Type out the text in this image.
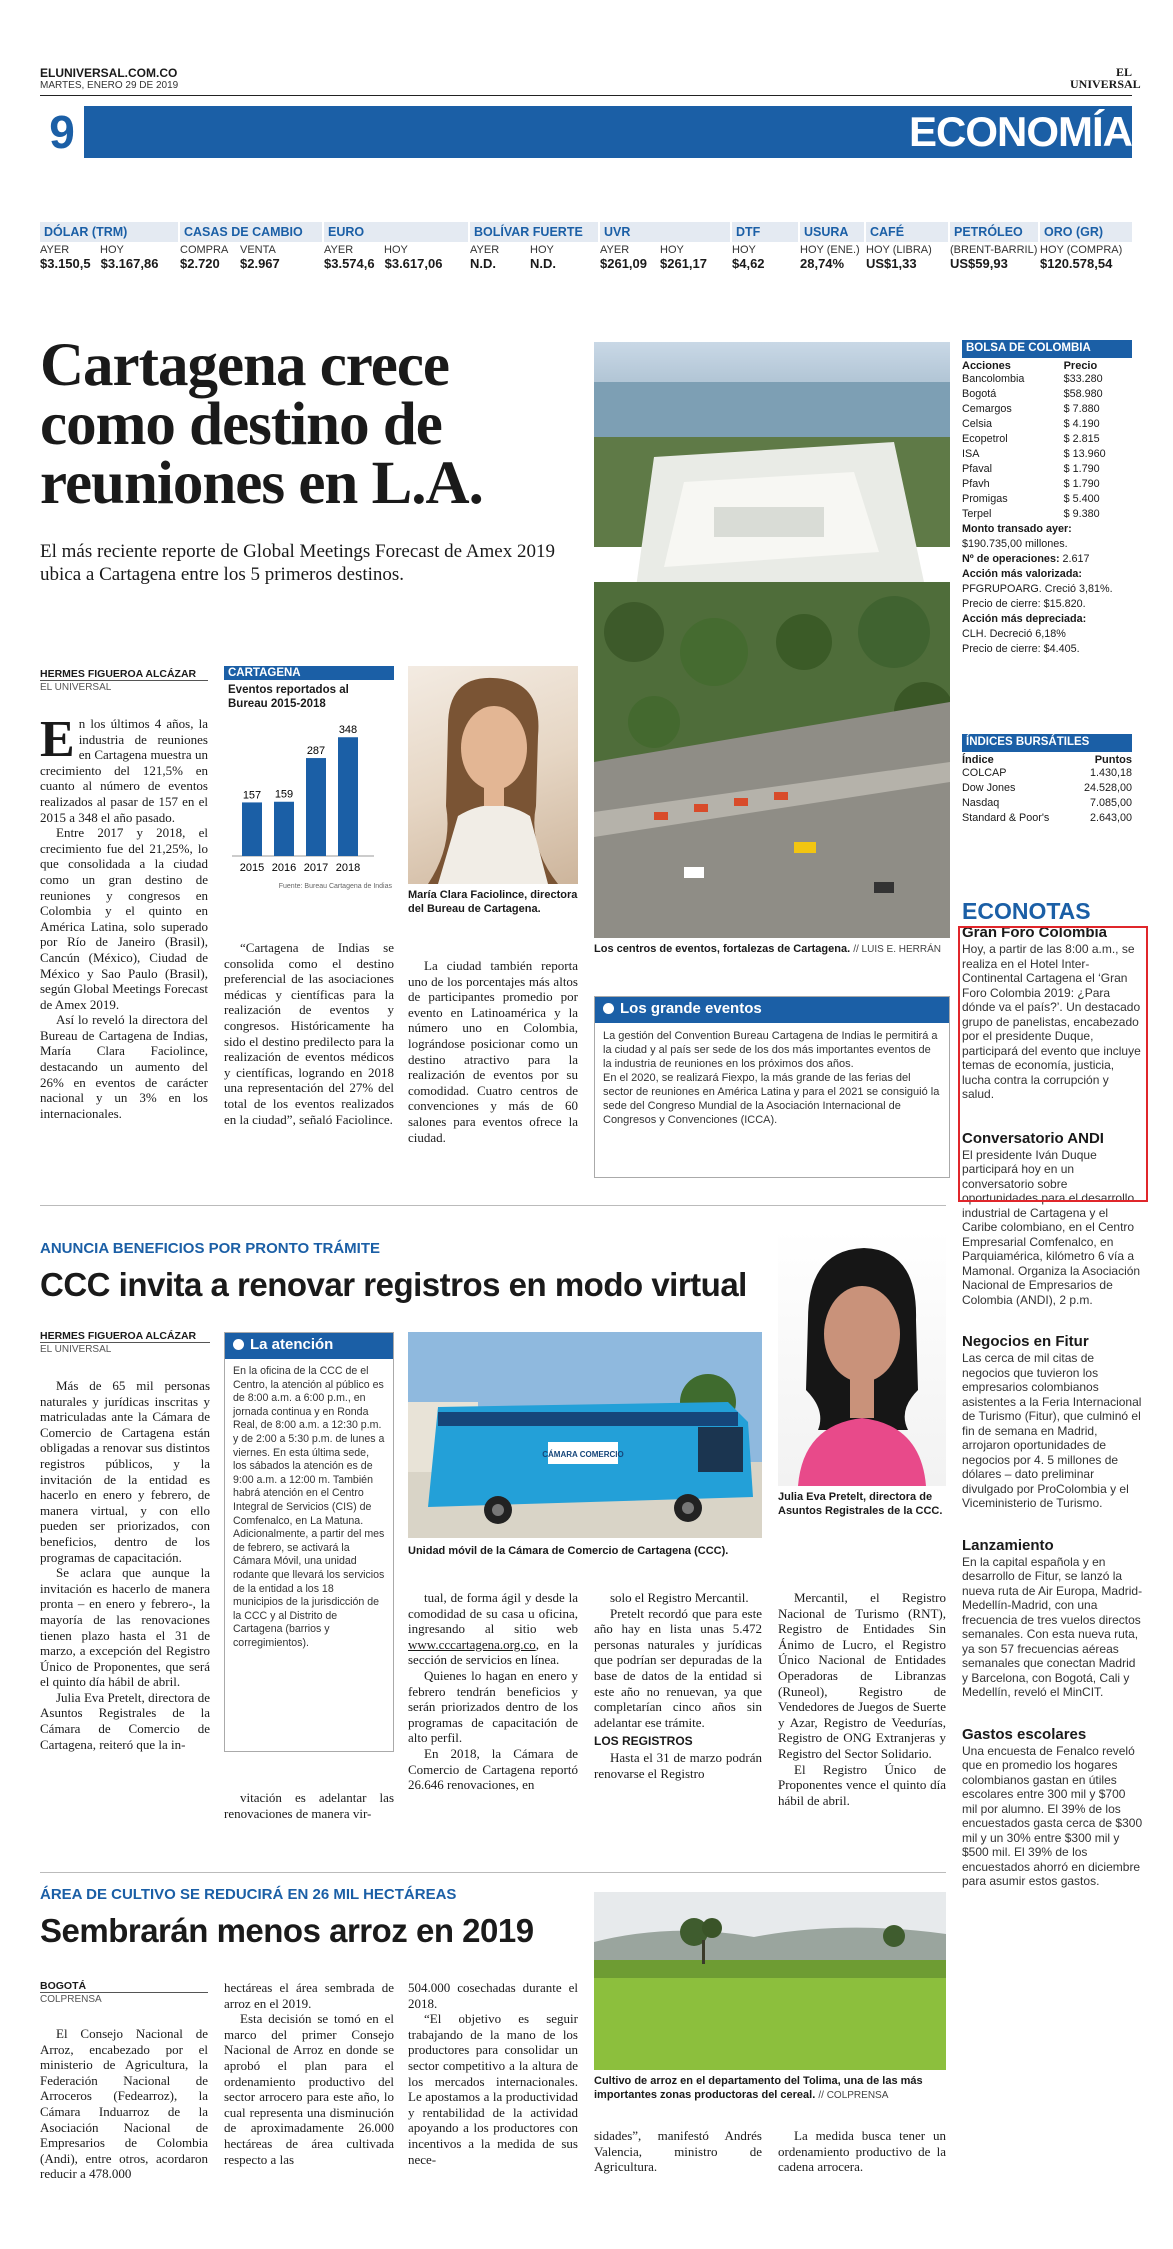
ELUNIVERSAL.COM.CO
MARTES, ENERO 29 DE 2019
EL
UNIVERSAL
9	ECONOMÍA
DÓLAR (TRM)
AYER	HOY
$3.150,5 $3.167,86
CASAS DE CAMBIO
COMPRA VENTA
$2.720	$2.967
EURO
AYER	HOY
$3.574,6 $3.617,06
BOLÍVAR FUERTE
AYER	HOY
N.D.	N.D.
UVR
AYER	HOY
$261,09 $261,17
DTF
HOY
$4,62
USURA
HOY (ENE.)
28,74%
CAFÉ
HOY (LIBRA)
US$1,33
PETRÓLEO
(BRENT-BARRIL)
US$59,93
ORO (GR)
HOY (COMPRA)
$120.578,54
Cartagena crece como destino de reuniones en L.A.
El más reciente reporte de Global Meetings Forecast de Amex 2019 ubica a Cartagena entre los 5 primeros destinos.
HERMES FIGUEROA ALCÁZAR
EL UNIVERSAL
En los últimos 4 años, la industria de reuniones en Cartagena muestra un crecimiento del 121,5% en cuanto al número de eventos realizados al pasar de 157 en el 2015 a 348 el año pasado.

Entre 2017 y 2018, el crecimiento fue del 21,25%, lo que consolidada a la ciudad como un gran destino de reuniones y congresos en Colombia y el quinto en América Latina, solo superado por Río de Janeiro (Brasil), Cancún (México), Ciudad de México y Sao Paulo (Brasil), según Global Meetings Forecast de Amex 2019.

Así lo reveló la directora del Bureau de Cartagena de Indias, María Clara Faciolince, destacando un aumento del 26% en eventos de carácter nacional y un 3% en los internacionales.

CARTAGENA
Eventos reportados al Bureau 2015-2018
157
2015
159
2016
287
2017
348
2018
Fuente: Bureau Cartagena de Indias
María Clara Faciolince, directora del Bureau de Cartagena.

“Cartagena de Indias se consolida como el destino preferencial de las asociaciones médicas y científicas para la realización de eventos y congresos. Históricamente ha sido el destino predilecto para la realización de eventos médicos y científicas, logrando en 2018 una representación del 27% del total de los eventos realizados en la ciudad”, señaló Faciolince.

La ciudad también reporta uno de los porcentajes más altos de participantes promedio por evento en Latinoamérica y la número uno en Colombia, lográndose posicionar como un destino atractivo para la realización de eventos por su comodidad. Cuatro centros de convenciones y más de 60 salones para eventos ofrece la ciudad.

Los centros de eventos, fortalezas de Cartagena. // LUIS E. HERRÁN
Los grande eventos
La gestión del Convention Bureau Cartagena de Indias le permitirá a la ciudad y al país ser sede de los dos más importantes eventos de la industria de reuniones en los próximos dos años.
En el 2020, se realizará Fiexpo, la más grande de las ferias del sector de reuniones en América Latina y para el 2021 se consiguió la sede del Congreso Mundial de la Asociación Internacional de Congresos y Convenciones (ICCA).
BOLSA DE COLOMBIA
Acciones	Precio
Bancolombia	$33.280
Bogotá	$58.980
Cemargos	$ 7.880
Celsia	$ 4.190
Ecopetrol	$ 2.815
ISA	$ 13.960
Pfaval	$ 1.790
Pfavh	$ 1.790
Promigas	$ 5.400
Terpel	$ 9.380
Monto transado ayer: $190.735,00 millones.
Nº de operaciones: 2.617
Acción más valorizada:
PFGRUPOARG. Creció 3,81%.
Precio de cierre: $15.820.
Acción más depreciada:
CLH. Decreció 6,18%
Precio de cierre: $4.405.
ÍNDICES BURSÁTILES
Índice	Puntos
COLCAP	1.430,18
Dow Jones	24.528,00
Nasdaq	7.085,00
Standard & Poor's	2.643,00
ECONOTAS
Gran Foro Colombia

Hoy, a partir de las 8:00 a.m., se realiza en el Hotel Inter-Continental Cartagena el ‘Gran Foro Colombia 2019: ¿Para dónde va el país?’. Un destacado grupo de panelistas, encabezado por el presidente Duque, participará del evento que incluye temas de economía, justicia, lucha contra la corrupción y salud.

Conversatorio ANDI

El presidente Iván Duque participará hoy en un conversatorio sobre oportunidades para el desarrollo industrial de Cartagena y el Caribe colombiano, en el Centro Empresarial Comfenalco, en Parquiamérica, kilómetro 6 vía a Mamonal. Organiza la Asociación Nacional de Empresarios de Colombia (ANDI), 2 p.m.

Negocios en Fitur

Las cerca de mil citas de negocios que tuvieron los empresarios colombianos asistentes a la Feria Internacional de Turismo (Fitur), que culminó el fin de semana en Madrid, arrojaron oportunidades de negocios por 4. 5 millones de dólares – dato preliminar divulgado por ProColombia y el Viceministerio de Turismo.

Lanzamiento

En la capital española y en desarrollo de Fitur, se lanzó la nueva ruta de Air Europa, Madrid-Medellín-Madrid, con una frecuencia de tres vuelos directos semanales. Con esta nueva ruta, ya son 57 frecuencias aéreas semanales que conectan Madrid y Barcelona, con Bogotá, Cali y Medellín, reveló el MinCIT.

Gastos escolares

Una encuesta de Fenalco reveló que en promedio los hogares colombianos gastan en útiles escolares entre 300 mil y $700 mil por alumno. El 39% de los encuestados gasta cerca de $300 mil y un 30% entre $300 mil y $500 mil. El 39% de los encuestados ahorró en diciembre para asumir estos gastos.

ANUNCIA BENEFICIOS POR PRONTO TRÁMITE
CCC invita a renovar registros en modo virtual
HERMES FIGUEROA ALCÁZAR
EL UNIVERSAL

Más de 65 mil personas naturales y jurídicas inscritas y matriculadas ante la Cámara de Comercio de Cartagena están obligadas a renovar sus distintos registros públicos, y la invitación de la entidad es hacerlo en enero y febrero, de manera virtual, y con ello pueden ser priorizados, con beneficios, dentro de los programas de capacitación.

Se aclara que aunque la invitación es hacerlo de manera pronta – en enero y febrero-, la mayoría de las renovaciones tienen plazo hasta el 31 de marzo, a excepción del Registro Único de Proponentes, que será el quinto día hábil de abril.

Julia Eva Pretelt, directora de Asuntos Registrales de la Cámara de Comercio de Cartagena, reiteró que la in-

La atención
En la oficina de la CCC de el Centro, la atención al público es de 8:00 a.m. a 6:00 p.m., en jornada continua y en Ronda Real, de 8:00 a.m. a 12:30 p.m. y de 2:00 a 5:30 p.m. de lunes a viernes. En esta última sede, los sábados la atención es de 9:00 a.m. a 12:00 m. También habrá atención en el Centro Integral de Servicios (CIS) de Comfenalco, en La Matuna.
Adicionalmente, a partir del mes de febrero, se activará la Cámara Móvil, una unidad rodante que llevará los servicios de la entidad a los 18 municipios de la jurisdicción de la CCC y al Distrito de Cartagena (barrios y corregimientos).

vitación es adelantar las renovaciones de manera vir-

CÁMARA COMERCIO
Unidad móvil de la Cámara de Comercio de Cartagena (CCC).
Julia Eva Pretelt, directora de Asuntos Registrales de la CCC.

tual, de forma ágil y desde la comodidad de su casa u oficina, ingresando al sitio web www.cccartagena.org.co, en la sección de servicios en línea.

Quienes lo hagan en enero y febrero tendrán beneficios y serán priorizados dentro de los programas de capacitación de alto perfil.

En 2018, la Cámara de Comercio de Cartagena reportó 26.646 renovaciones, en

solo el Registro Mercantil.

Pretelt recordó que para este año hay en lista unas 5.472 personas naturales y jurídicas que podrían ser depuradas de la base de datos de la entidad si este año no renuevan, ya que completarían cinco años sin adelantar ese trámite.

LOS REGISTROS

Hasta el 31 de marzo podrán renovarse el Registro

Mercantil, el Registro Nacional de Turismo (RNT), Registro de Entidades Sin Ánimo de Lucro, el Registro Único Nacional de Entidades Operadoras de Libranzas (Runeol), Registro de Vendedores de Juegos de Suerte y Azar, Registro de Veedurías, Registro de ONG Extranjeras y Registro del Sector Solidario.

El Registro Único de Proponentes vence el quinto día hábil de abril.

ÁREA DE CULTIVO SE REDUCIRÁ EN 26 MIL HECTÁREAS
Sembrarán menos arroz en 2019
BOGOTÁ
COLPRENSA

El Consejo Nacional de Arroz, encabezado por el ministerio de Agricultura, la Federación Nacional de Arroceros (Fedearroz), la Cámara Induarroz de la Asociación Nacional de Empresarios de Colombia (Andi), entre otros, acordaron reducir a 478.000

hectáreas el área sembrada de arroz en el 2019.

Esta decisión se tomó en el marco del primer Consejo Nacional de Arroz en donde se aprobó el plan para el ordenamiento productivo del sector arrocero para este año, lo cual representa una disminución de aproximadamente 26.000 hectáreas de área cultivada respecto a las

504.000 cosechadas durante el 2018.

“El objetivo es seguir trabajando de la mano de los productores para consolidar un sector competitivo a la altura de los mercados internacionales. Le apostamos a la productividad y rentabilidad de la actividad apoyando a los productores con incentivos a la medida de sus nece-

Cultivo de arroz en el departamento del Tolima, una de las más importantes zonas productoras del cereal. // COLPRENSA

sidades”, manifestó Andrés Valencia, ministro de Agricultura.

La medida busca tener un ordenamiento productivo de la cadena arrocera.
